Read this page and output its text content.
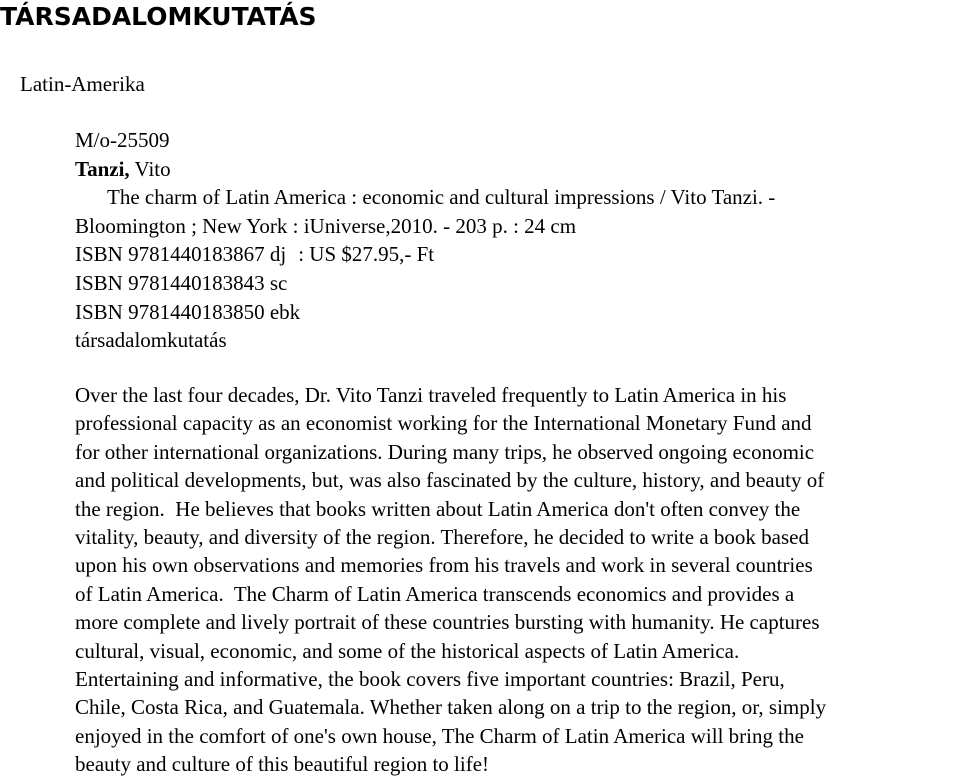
TÁRSADALOMKUTATÁS
Latin-Amerika
M/o-25509
Tanzi, Vito
The charm of Latin America : economic and cultural impressions / Vito Tanzi. -
Bloomington ; New York : iUniverse,2010. - 203 p. : 24 cm
ISBN 9781440183867 dj : US $27.95,- Ft
ISBN 9781440183843 sc
ISBN 9781440183850 ebk
társadalomkutatás
Over the last four decades, Dr. Vito Tanzi traveled frequently to Latin America in his
professional capacity as an economist working for the International Monetary Fund and
for other international organizations. During many trips, he observed ongoing economic
and political developments, but, was also fascinated by the culture, history, and beauty of
the region.  He believes that books written about Latin America don't often convey the
vitality, beauty, and diversity of the region. Therefore, he decided to write a book based
upon his own observations and memories from his travels and work in several countries
of Latin America.  The Charm of Latin America transcends economics and provides a
more complete and lively portrait of these countries bursting with humanity. He captures
cultural, visual, economic, and some of the historical aspects of Latin America.
Entertaining and informative, the book covers five important countries: Brazil, Peru,
Chile, Costa Rica, and Guatemala. Whether taken along on a trip to the region, or, simply
enjoyed in the comfort of one's own house, The Charm of Latin America will bring the
beauty and culture of this beautiful region to life!
